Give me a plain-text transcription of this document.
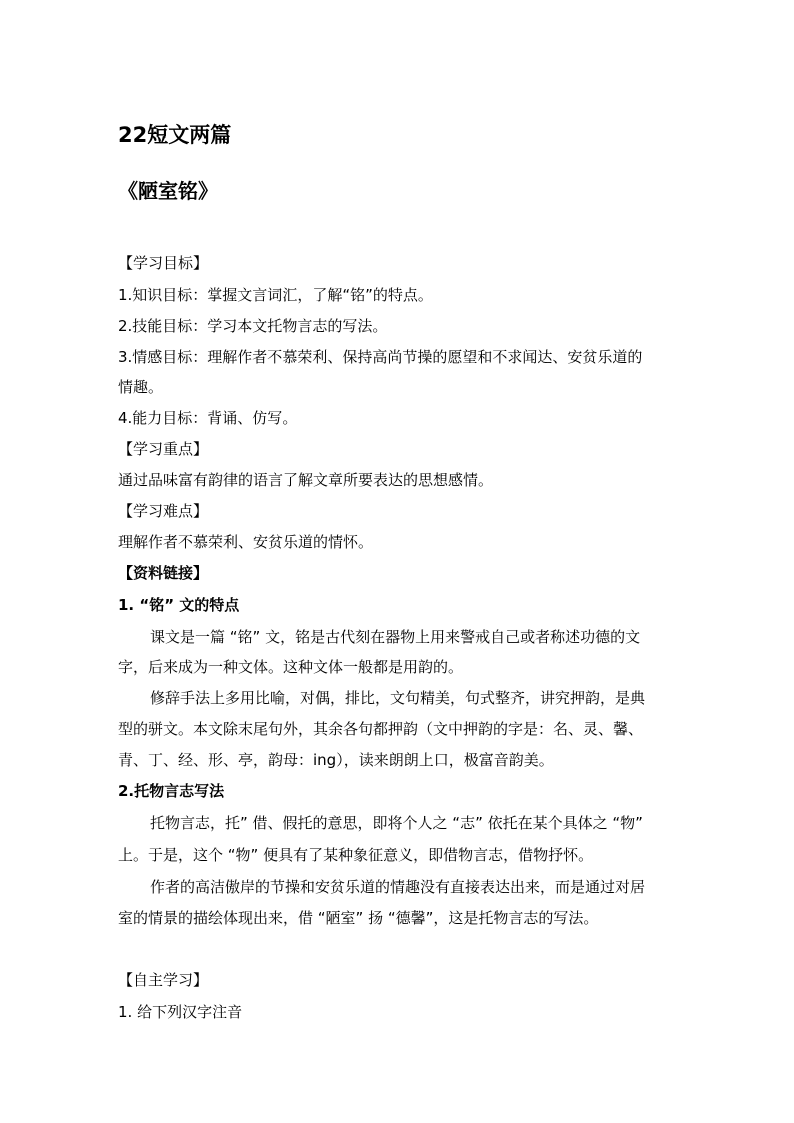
22短文两篇
《陋室铭》
【学习目标】
1.知识目标：掌握文言词汇，了解“铭”的特点。
2.技能目标：学习本文托物言志的写法。
3.情感目标：理解作者不慕荣利、保持高尚节操的愿望和不求闻达、安贫乐道的
情趣。
4.能力目标：背诵、仿写。
【学习重点】
通过品味富有韵律的语言了解文章所要表达的思想感情。
【学习难点】
理解作者不慕荣利、安贫乐道的情怀。
【资料链接】
1. “铭” 文的特点
课文是一篇 “铭” 文，铭是古代刻在器物上用来警戒自己或者称述功德的文
字，后来成为一种文体。这种文体一般都是用韵的。
修辞手法上多用比喻，对偶，排比，文句精美，句式整齐，讲究押韵，是典
型的骈文。本文除末尾句外，其余各句都押韵（文中押韵的字是：名、灵、馨、
青、丁、经、形、亭，韵母：ing），读来朗朗上口，极富音韵美。
2.托物言志写法
托物言志，托” 借、假托的意思，即将个人之 “志” 依托在某个具体之 “物”
上。于是，这个 “物” 便具有了某种象征意义，即借物言志，借物抒怀。
作者的高洁傲岸的节操和安贫乐道的情趣没有直接表达出来，而是通过对居
室的情景的描绘体现出来，借 “陋室” 扬 “德馨”，这是托物言志的写法。
【自主学习】
1. 给下列汉字注音
